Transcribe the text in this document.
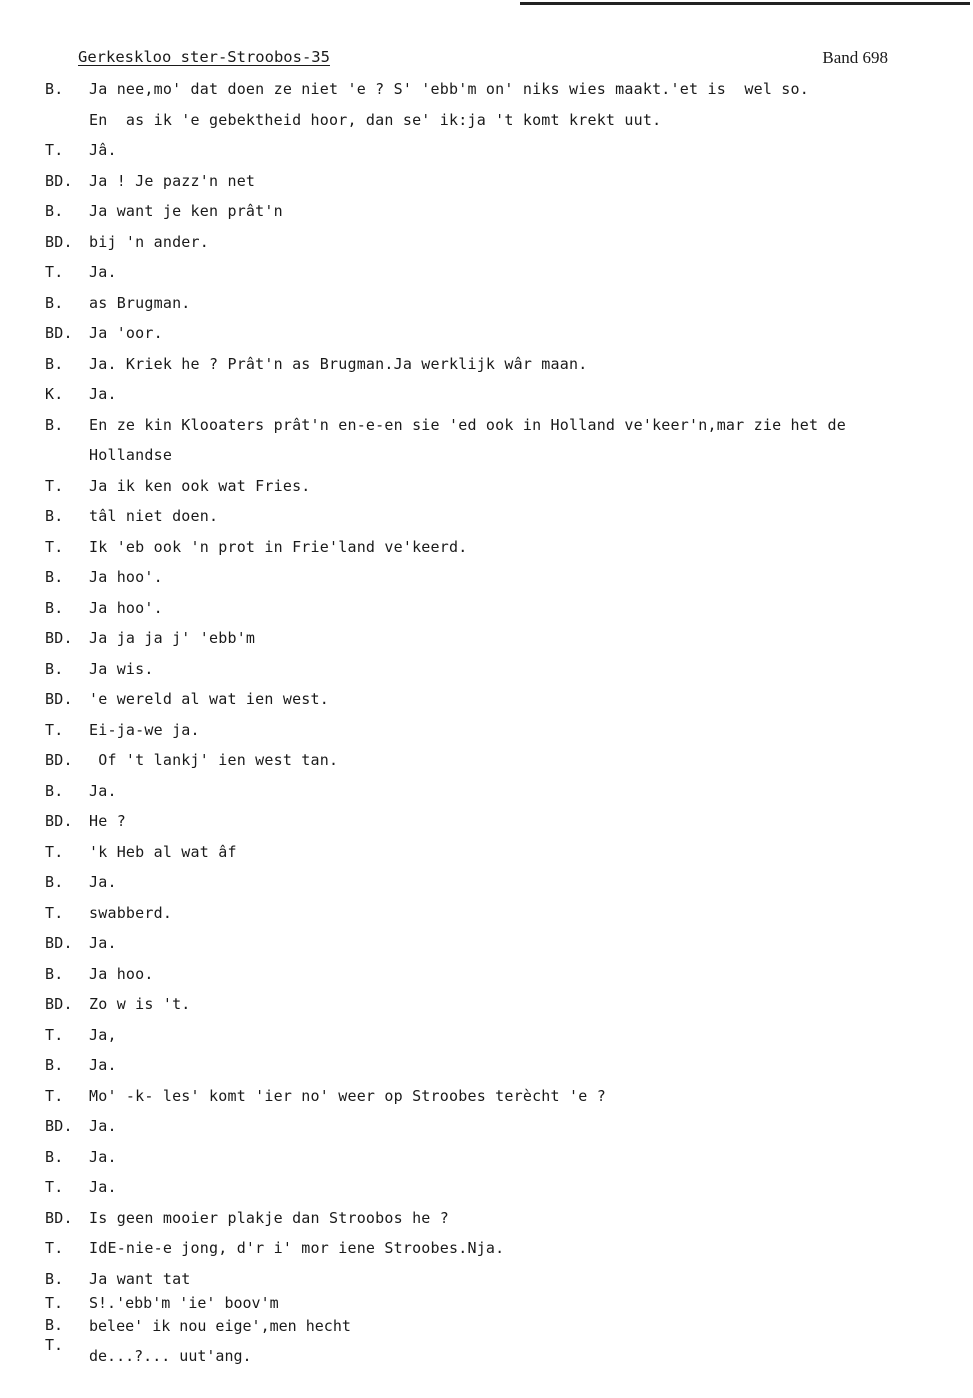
Gerkeskloo ster-Stroobos-35	Band 698
B. Ja nee,mo' dat doen ze niet 'e ? S' 'ebb'm on' niks wies maakt.'et is  wel so.
En  as ik 'e gebektheid hoor, dan se' ik:ja 't komt krekt uut.
T. Jâ.
BD. Ja ! Je pazz'n net
B. Ja want je ken prât'n
BD. bij 'n ander.
T. Ja.
B. as Brugman.
BD. Ja 'oor.
B. Ja. Kriek he ? Prât'n as Brugman.Ja werklijk wâr maan.
K. Ja.
B. En ze kin Klooaters prât'n en-e-en sie 'ed ook in Holland ve'keer'n,mar zie het de
Hollandse
T. Ja ik ken ook wat Fries.
B. tâl niet doen.
T. Ik 'eb ook 'n prot in Frie'land ve'keerd.
B. Ja hoo'.
B. Ja hoo'.
BD. Ja ja ja j' 'ebb'm
B. Ja wis.
BD. 'e wereld al wat ien west.
T. Ei-ja-we ja.
BD. Of 't lankj' ien west tan.
B. Ja.
BD. He ?
T. 'k Heb al wat âf
B. Ja.
T. swabberd.
BD. Ja.
B. Ja hoo.
BD. Zo w is 't.
T. Ja,
B. Ja.
T. Mo' -k- les' komt 'ier no' weer op Stroobes terècht 'e ?
BD. Ja.
B. Ja.
T. Ja.
BD. Is geen mooier plakje dan Stroobos he ?
T. IdE-nie-e jong, d'r i' mor iene Stroobes.Nja.
B. Ja want tat
T. S!.'ebb'm 'ie' boov'm
B. belee' ik nou eige',men hecht
T.
de...?... uut'ang.
